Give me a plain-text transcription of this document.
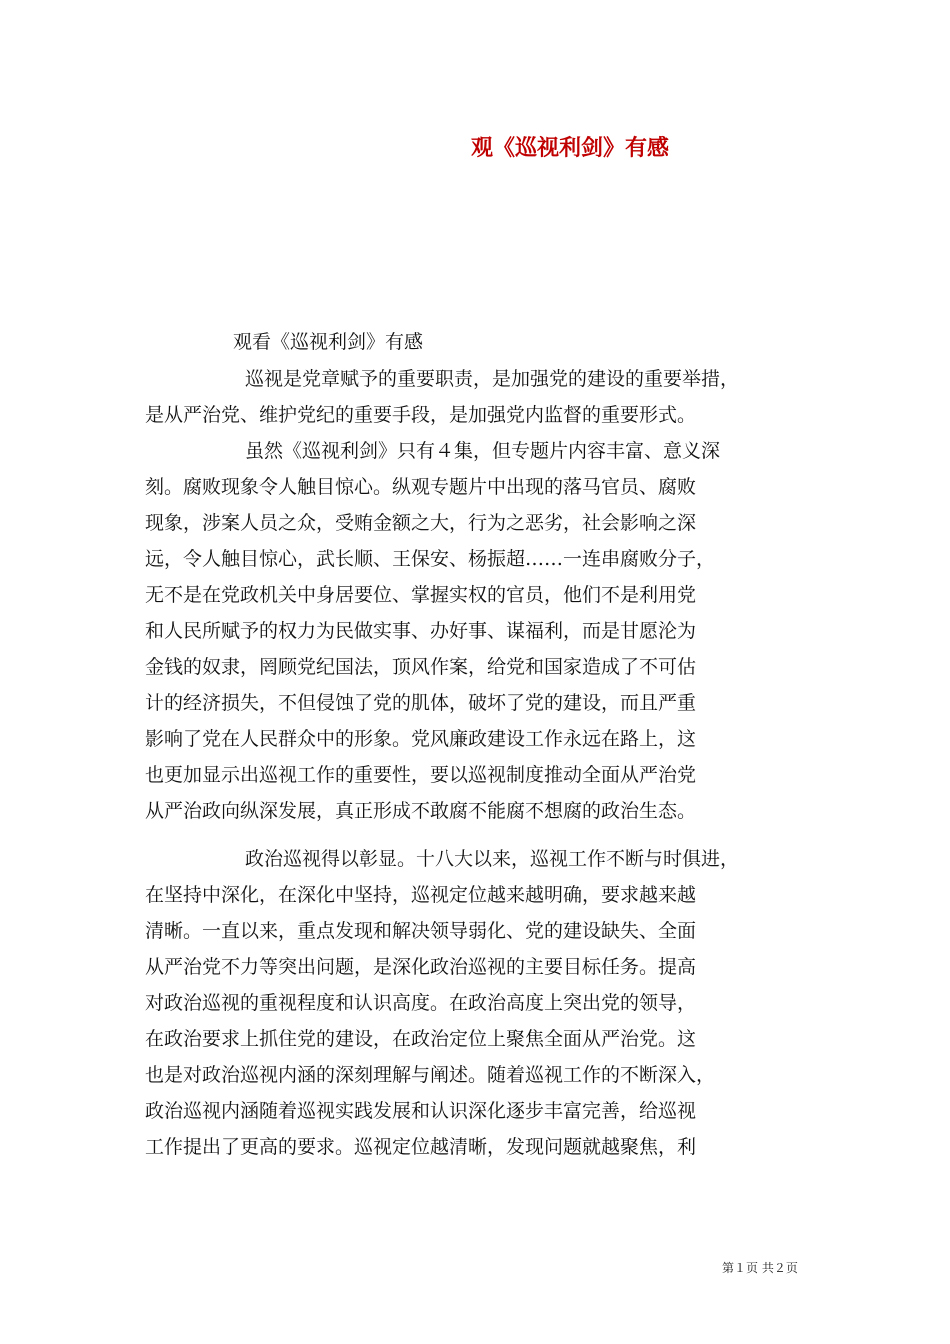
观《巡视利剑》有感

观看《巡视利剑》有感

巡视是党章赋予的重要职责，是加强党的建设的重要举措，

是从严治党、维护党纪的重要手段，是加强党内监督的重要形式。

虽然《巡视利剑》只有４集，但专题片内容丰富、意义深

刻。腐败现象令人触目惊心。纵观专题片中出现的落马官员、腐败

现象，涉案人员之众，受贿金额之大，行为之恶劣，社会影响之深

远，令人触目惊心，武长顺、王保安、杨振超……一连串腐败分子，

无不是在党政机关中身居要位、掌握实权的官员，他们不是利用党

和人民所赋予的权力为民做实事、办好事、谋福利，而是甘愿沦为

金钱的奴隶，罔顾党纪国法，顶风作案，给党和国家造成了不可估

计的经济损失，不但侵蚀了党的肌体，破坏了党的建设，而且严重

影响了党在人民群众中的形象。党风廉政建设工作永远在路上，这

也更加显示出巡视工作的重要性，要以巡视制度推动全面从严治党

从严治政向纵深发展，真正形成不敢腐不能腐不想腐的政治生态。

政治巡视得以彰显。十八大以来，巡视工作不断与时俱进，

在坚持中深化，在深化中坚持，巡视定位越来越明确，要求越来越

清晰。一直以来，重点发现和解决领导弱化、党的建设缺失、全面

从严治党不力等突出问题，是深化政治巡视的主要目标任务。提高

对政治巡视的重视程度和认识高度。在政治高度上突出党的领导，

在政治要求上抓住党的建设，在政治定位上聚焦全面从严治党。这

也是对政治巡视内涵的深刻理解与阐述。随着巡视工作的不断深入，

政治巡视内涵随着巡视实践发展和认识深化逐步丰富完善，给巡视

工作提出了更高的要求。巡视定位越清晰，发现问题就越聚焦，利

第１页 共２页
